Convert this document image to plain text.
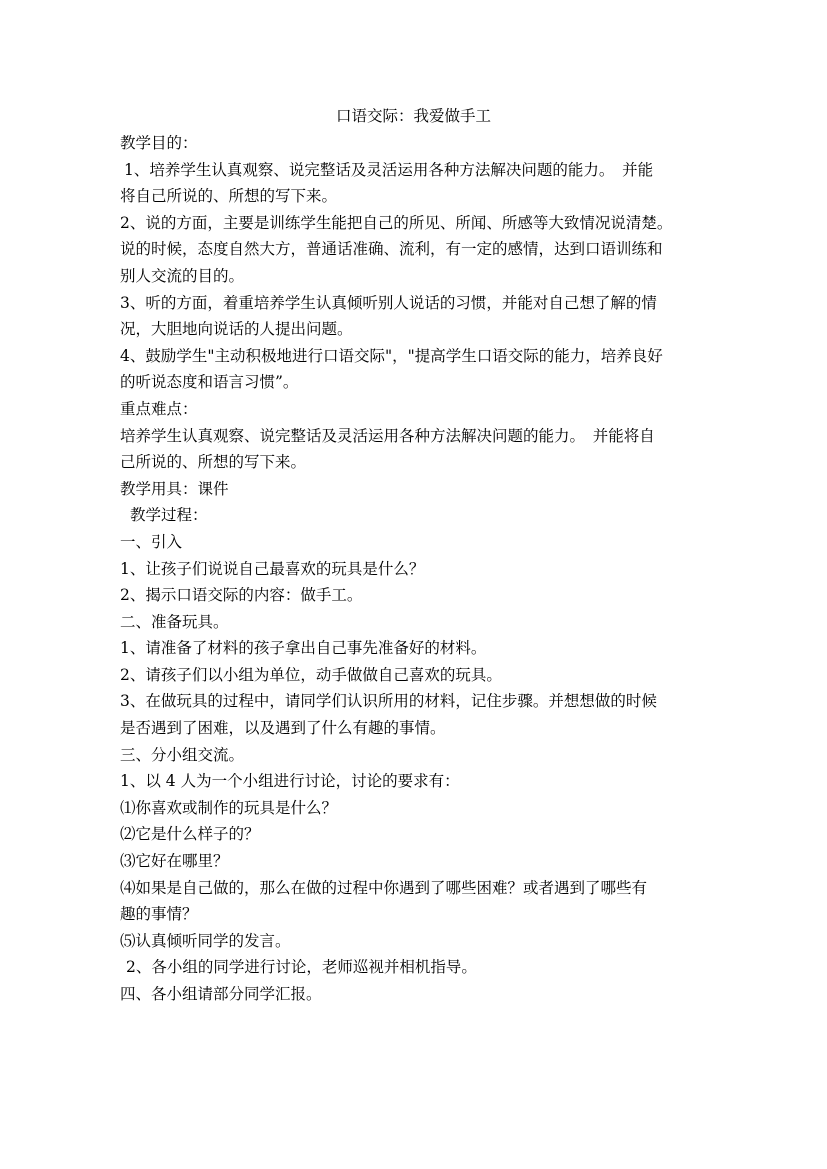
口语交际：我爱做手工
教学目的：
1、培养学生认真观察、说完整话及灵活运用各种方法解决问题的能力。　并能
将自己所说的、所想的写下来。
2、说的方面，主要是训练学生能把自己的所见、所闻、所感等大致情况说清楚。
说的时候，态度自然大方，普通话准确、流利，有一定的感情，达到口语训练和
别人交流的目的。
3、听的方面，着重培养学生认真倾听别人说话的习惯，并能对自己想了解的情
况，大胆地向说话的人提出问题。
4、鼓励学生"主动积极地进行口语交际"，"提高学生口语交际的能力，培养良好
的听说态度和语言习惯”。
重点难点：
培养学生认真观察、说完整话及灵活运用各种方法解决问题的能力。　并能将自
己所说的、所想的写下来。
教学用具：课件
教学过程：
一、引入
1、让孩子们说说自己最喜欢的玩具是什么？
2、揭示口语交际的内容：做手工。
二、准备玩具。
1、请准备了材料的孩子拿出自己事先准备好的材料。
2、请孩子们以小组为单位，动手做做自己喜欢的玩具。
3、在做玩具的过程中，请同学们认识所用的材料，记住步骤。并想想做的时候
是否遇到了困难，以及遇到了什么有趣的事情。
三、分小组交流。
1、以 4 人为一个小组进行讨论，讨论的要求有：
⑴你喜欢或制作的玩具是什么？
⑵它是什么样子的？
⑶它好在哪里？
⑷如果是自己做的，那么在做的过程中你遇到了哪些困难？或者遇到了哪些有
趣的事情？
⑸认真倾听同学的发言。
2、各小组的同学进行讨论，老师巡视并相机指导。
四、各小组请部分同学汇报。
